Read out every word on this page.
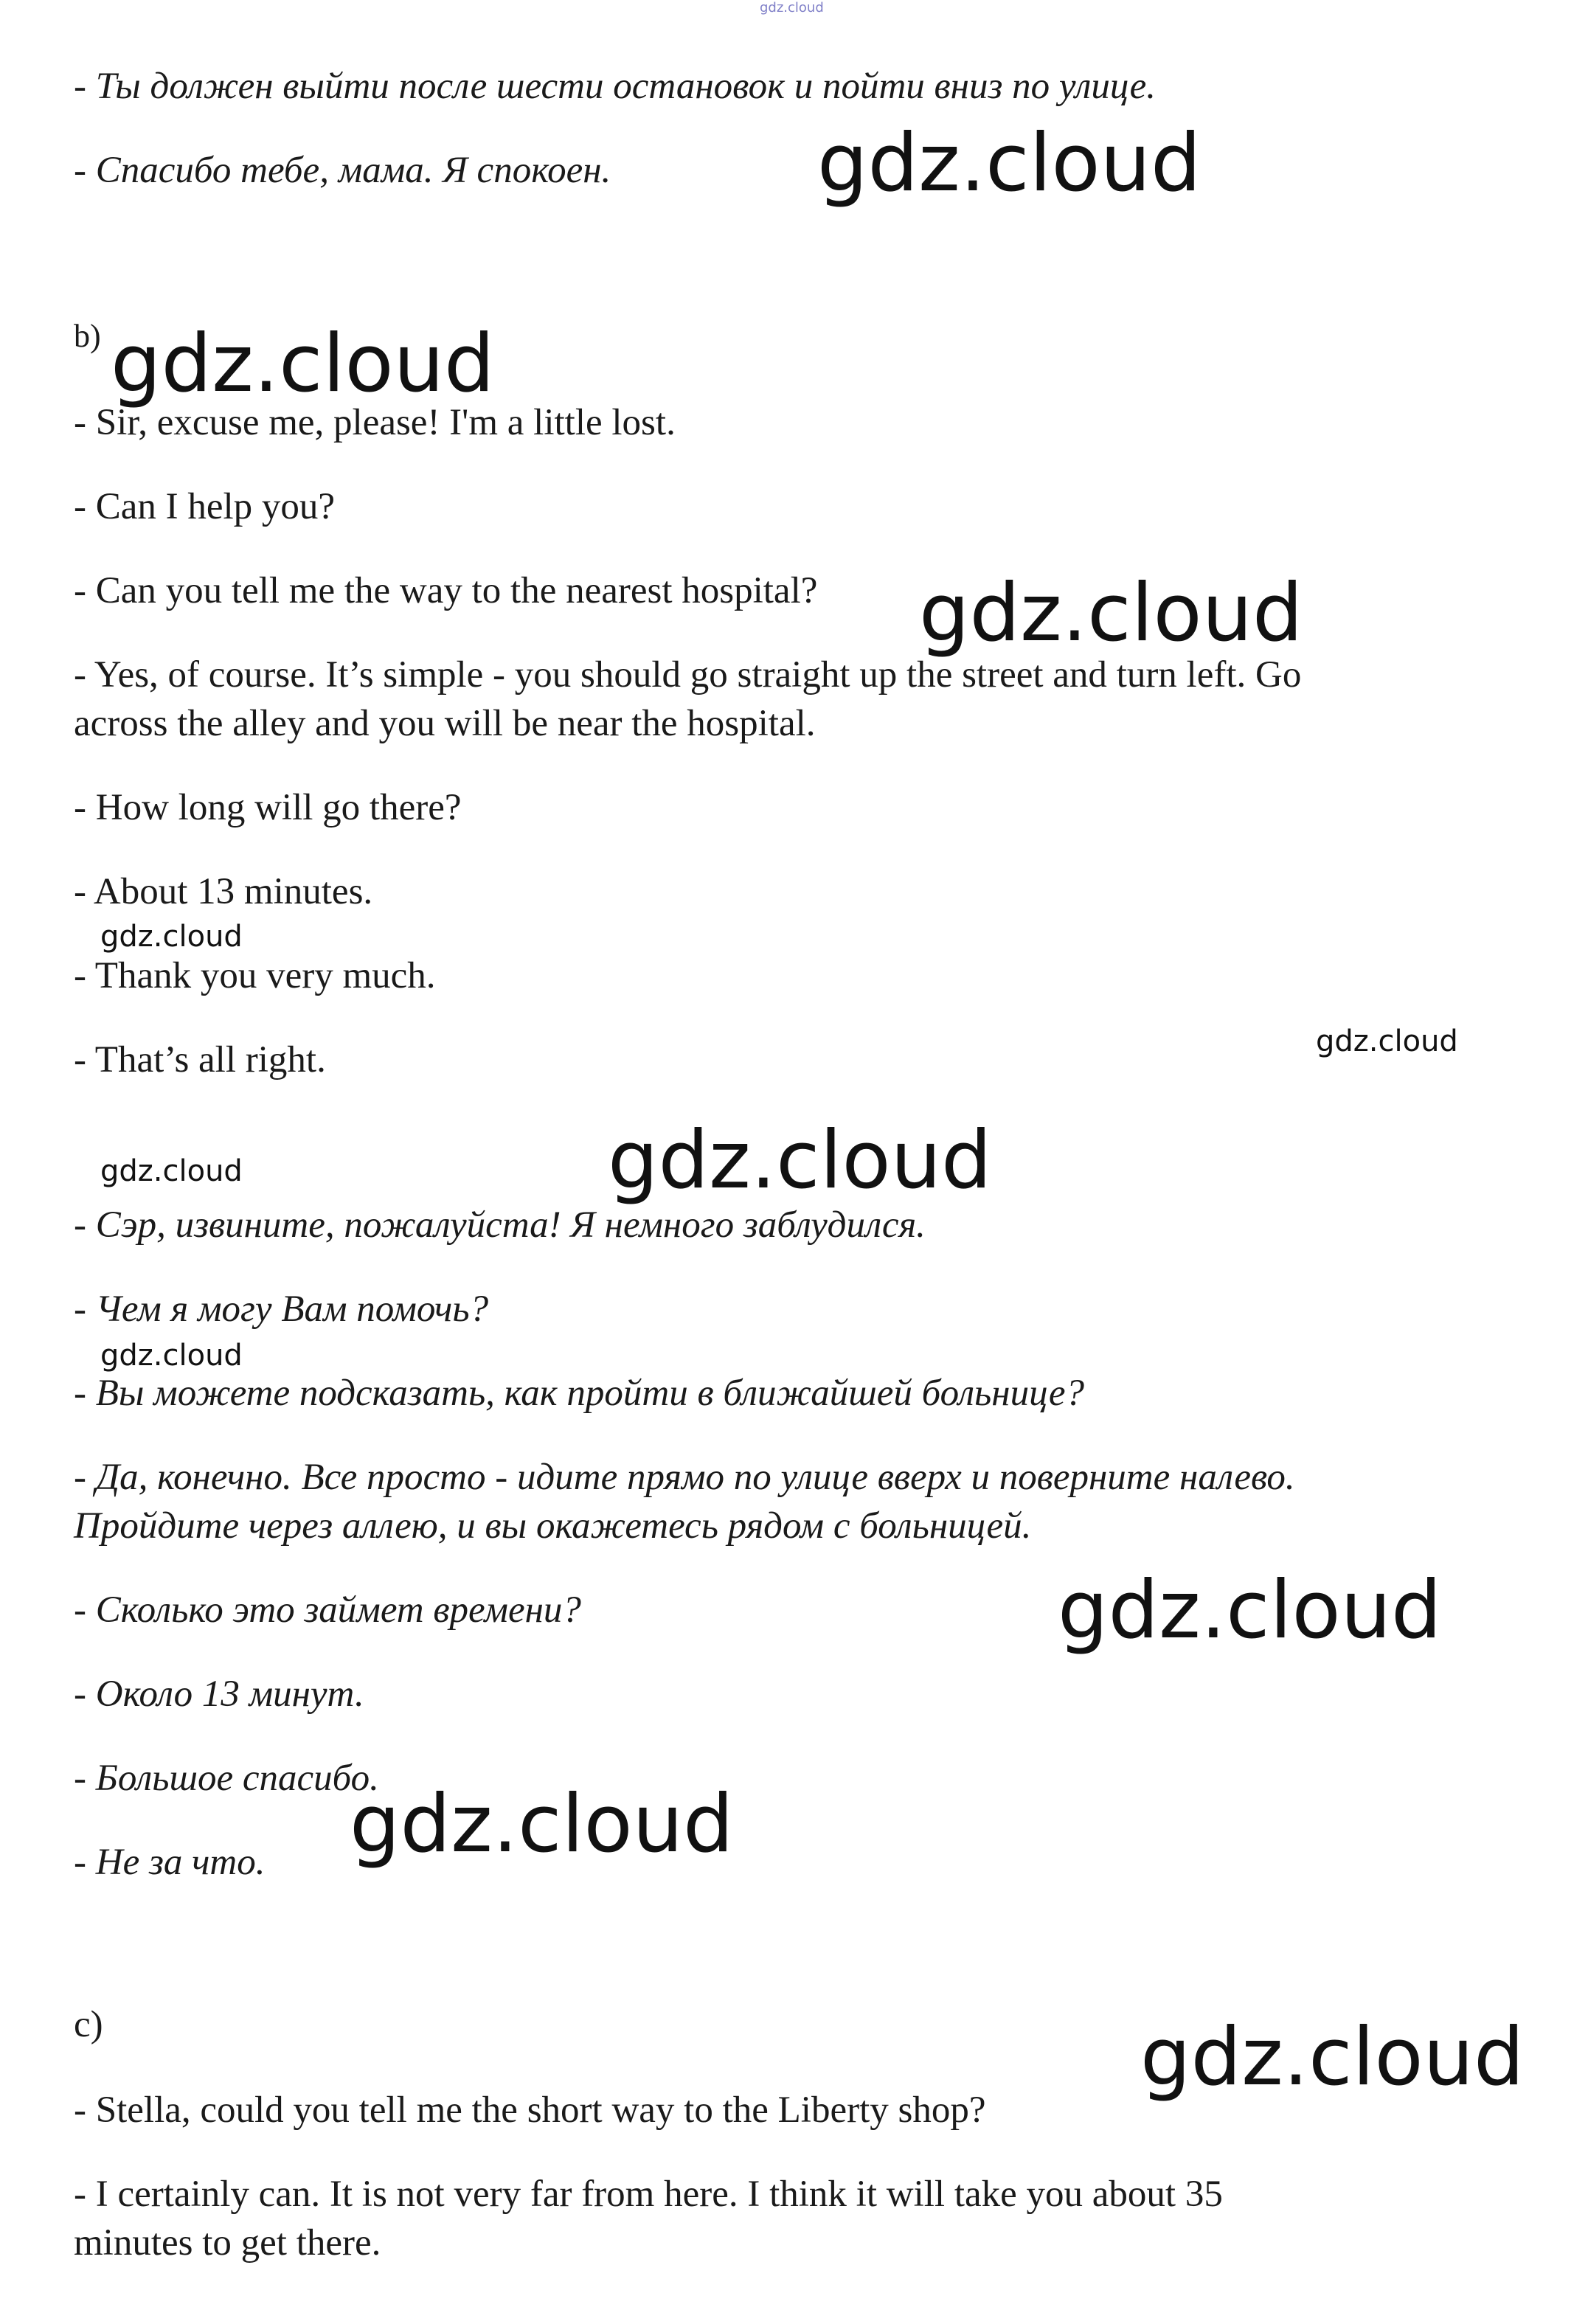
gdz.cloud
- Ты должен выйти после шести остановок и пойти вниз по улице.
- Спасибо тебе, мама. Я спокоен.	gdz.cloud
b) gdz.cloud
- Sir, excuse me, please! I'm a little lost.
- Can I help you?
- Can you tell me the way to the nearest hospital? gdz.cloud
- Yes, of course. It’s simple - you should go straight up the street and turn left. Go
across the alley and you will be near the hospital.
- How long will go there?
- About 13 minutes.
gdz.cloud
- Thank you very much.
- That’s all right.	gdz.cloud
gdz.cloud	gdz.cloud
- Сэр, извините, пожалуйста! Я немного заблудился.
- Чем я могу Вам помочь?
gdz.cloud
- Вы можете подсказать, как пройти в ближайшей больнице?
- Да, конечно. Все просто - идите прямо по улице вверх и поверните налево.
Пройдите через аллею, и вы окажетесь рядом с больницей.
- Сколько это займет времени?	gdz.cloud
- Около 13 минут.
- Большое спасибо.
gdz.cloud
- Не за что.
c)	gdz.cloud
- Stella, could you tell me the short way to the Liberty shop?
- I certainly can. It is not very far from here. I think it will take you about 35
minutes to get there.
